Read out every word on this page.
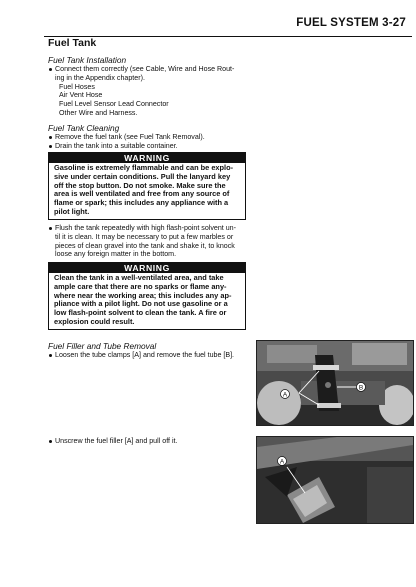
FUEL SYSTEM 3-27
Fuel Tank
Fuel Tank Installation
Connect them correctly (see Cable, Wire and Hose Rout-
ing in the Appendix chapter).
Fuel Hoses
Air Vent Hose
Fuel Level Sensor Lead Connector
Other Wire and Harness.
Fuel Tank Cleaning
Remove the fuel tank (see Fuel Tank Removal).
Drain the tank into a suitable container.
WARNING
Gasoline is extremely flammable and can be explo-
sive under certain conditions. Pull the lanyard key
off the stop button. Do not smoke. Make sure the
area is well ventilated and free from any source of
flame or spark; this includes any appliance with a
pilot light.
Flush the tank repeatedly with high flash-point solvent un-
til it is clean. It may be necessary to put a few marbles or
pieces of clean gravel into the tank and shake it, to knock
loose any foreign matter in the bottom.
WARNING
Clean the tank in a well-ventilated area, and take
ample care that there are no sparks or flame any-
where near the working area; this includes any ap-
pliance with a pilot light. Do not use gasoline or a
low flash-point solvent to clean the tank. A fire or
explosion could result.
Fuel Filler and Tube Removal
Loosen the tube clamps [A] and remove the fuel tube [B].
Unscrew the fuel filler [A] and pull off it.
A
B
A
